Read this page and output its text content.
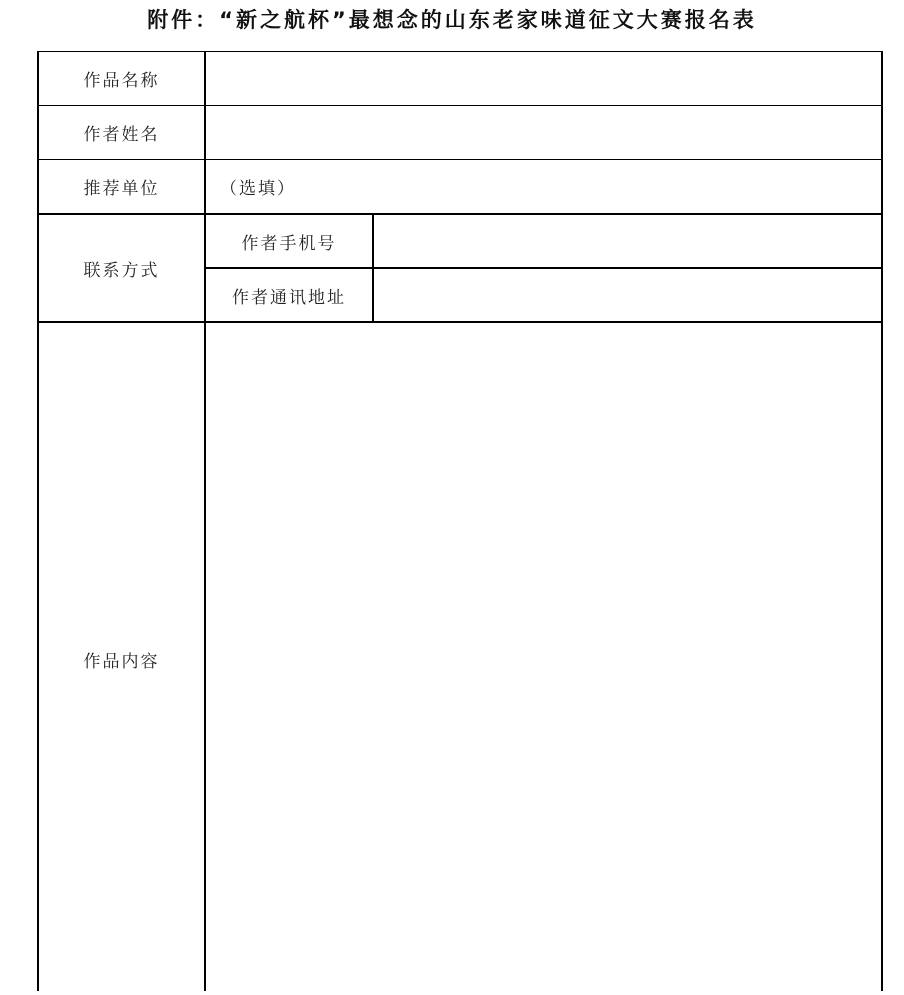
附件：“新之航杯”最想念的山东老家味道征文大赛报名表
作品名称
作者姓名
推荐单位	（选填）
联系方式
作者手机号
作者通讯地址
作品内容
